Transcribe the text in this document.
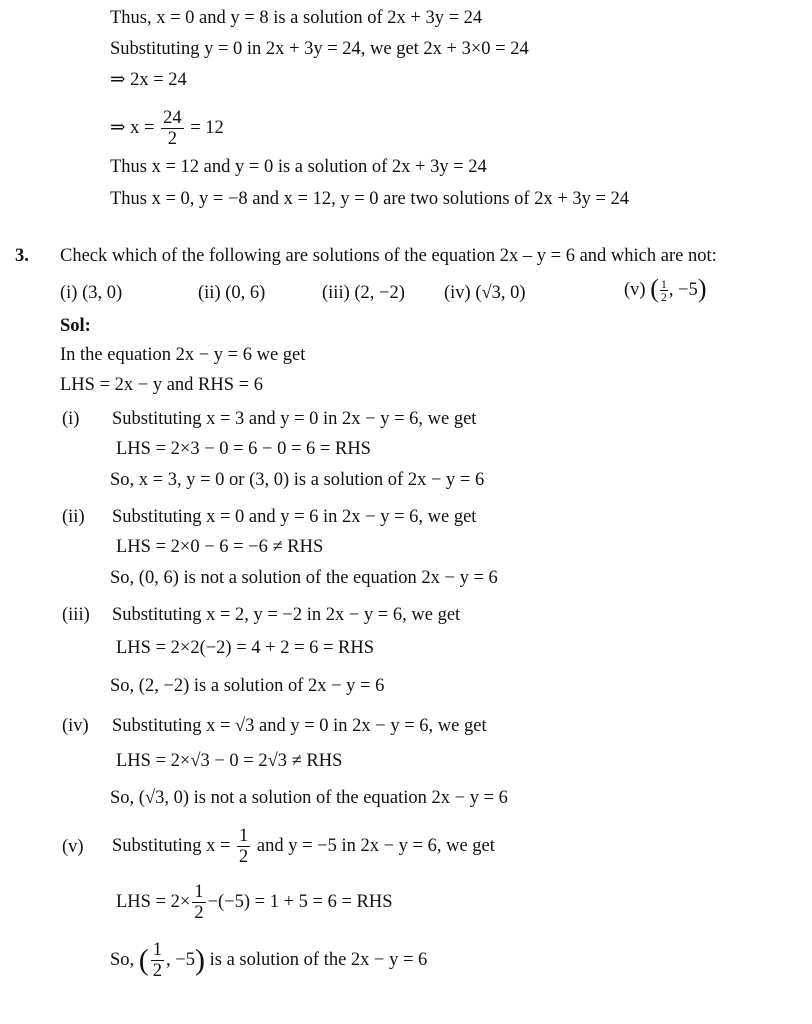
Thus, x = 0 and y = 8 is a solution of 2x + 3y = 24
Substituting y = 0 in 2x + 3y = 24, we get 2x + 3×0 = 24
⇒ 2x = 24
⇒ $x = \frac{24}{2} = 12$
Thus x = 12 and y = 0 is a solution of 2x + 3y = 24
Thus x = 0, y = −8 and x = 12, y = 0 are two solutions of 2x + 3y = 24
3. Check which of the following are solutions of the equation 2x – y = 6 and which are not:
(i) (3, 0)	(ii) (0, 6)	(iii) (2, −2) (iv) (√3, 0)	(v) ( $\frac{1}{2}$ , −5)
Sol:
In the equation 2x − y = 6 we get
LHS = 2x − y and RHS = 6
(i) Substituting x = 3 and y = 0 in 2x − y = 6, we get
LHS = 2×3 − 0 = 6 − 0 = 6 = RHS
So, x = 3, y = 0 or (3, 0) is a solution of 2x − y = 6
(ii) Substituting x = 0 and y = 6 in 2x − y = 6, we get
LHS = 2×0 − 6 = −6 ≠ RHS
So, (0, 6) is not a solution of the equation 2x − y = 6
(iii) Substituting x = 2, y = −2 in 2x − y = 6, we get
LHS = 2×2(−2) = 4 + 2 = 6 = RHS
So, (2, −2) is a solution of 2x − y = 6
(iv) Substituting x = √3 and y = 0 in 2x − y = 6, we get
LHS = 2×√3 − 0 = 2√3 ≠ RHS
So, (√3, 0) is not a solution of the equation 2x − y = 6
(v) Substituting $x = \frac{1}{2}$ and y = −5 in 2x − y = 6, we get
LHS = $2\times \frac{1}{2} -(-5) = 1 + 5 = 6$ = RHS
So, ( $\frac{1}{2}$ , −5) is a solution of the 2x − y = 6
